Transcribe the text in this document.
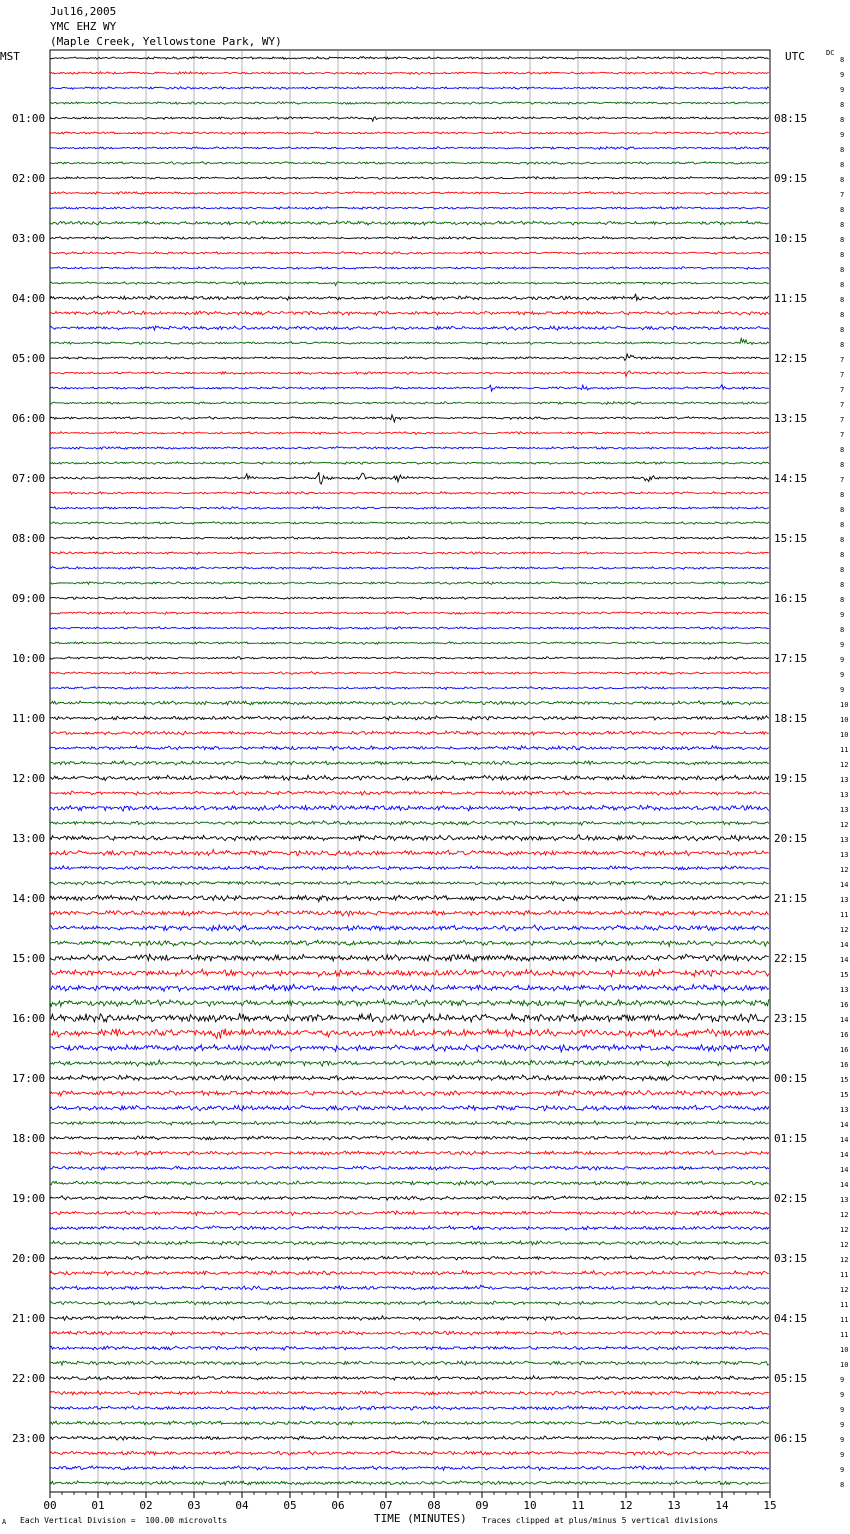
Jul16,2005
YMC EHZ WY
(Maple Creek, Yellowstone Park, WY)
MST	UTC	DC
00	01	02	03	04	05	06	07	08	09	10	11	12	13	14	15
8
9
9
8
8
9
8
8
8
7
8
8
8
8
8
8
8
8
8
8
7
7
7
7
7
7
8
8
7
8
8
8
8
8
8
8
8
9
8
9
9
9
9
10
10
10
11
12
13
13
13
12
13
13
12
14
13
11
12
14
14
15
13
16
14
16
16
16
15
15
13
14
14
14
14
14
13
12
12
12
12
11
12
11
11
11
10
10
9
9
9
9
9
9
9
8
01:00
02:00
03:00
04:00
05:00
06:00
07:00
08:00
09:00
10:00
11:00
12:00
13:00
14:00
15:00
16:00
17:00
18:00
19:00
20:00
21:00
22:00
23:00
08:15
09:15
10:15
11:15
12:15
13:15
14:15
15:15
16:15
17:15
18:15
19:15
20:15
21:15
22:15
23:15
00:15
01:15
02:15
03:15
04:15
05:15
06:15
A Each Vertical Division =  100.00 microvolts	TIME (MINUTES) Traces clipped at plus/minus 5 vertical divisions
